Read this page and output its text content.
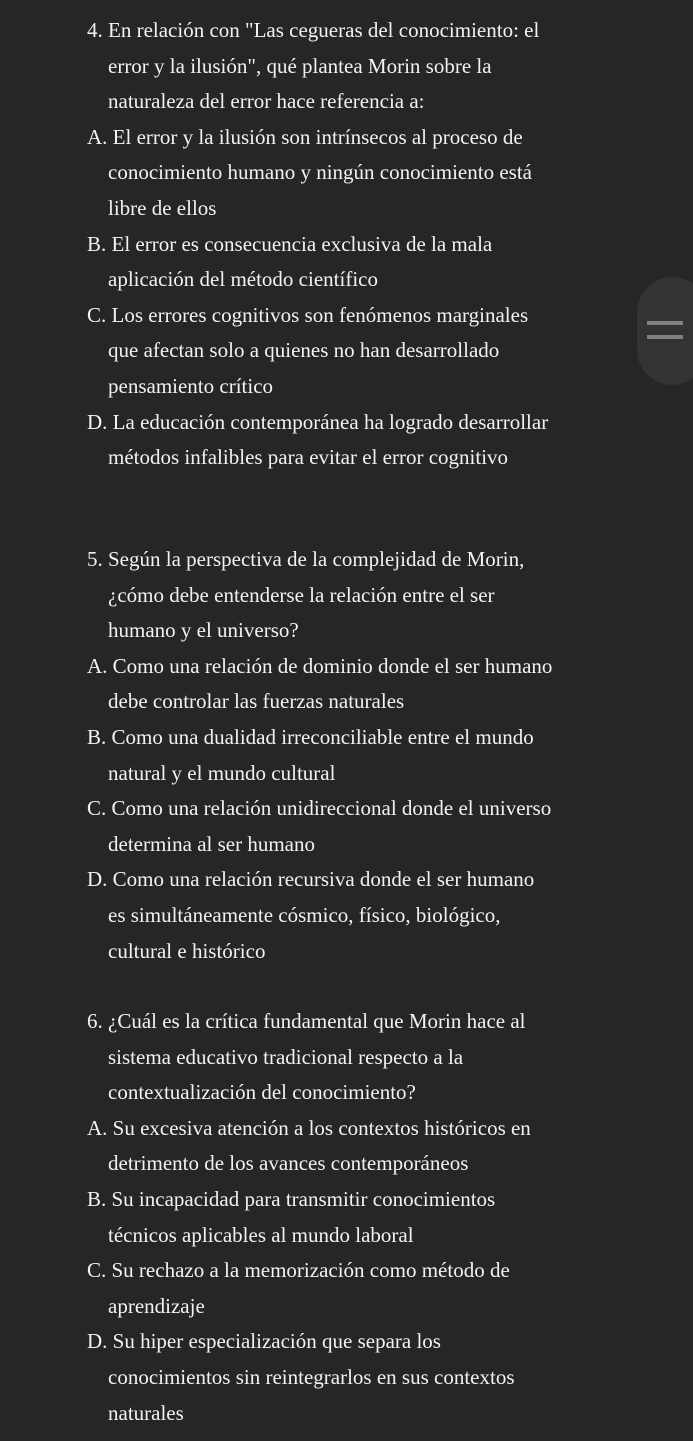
4. En relación con "Las cegueras del conocimiento: el
error y la ilusión", qué plantea Morin sobre la
naturaleza del error hace referencia a:
A. El error y la ilusión son intrínsecos al proceso de
conocimiento humano y ningún conocimiento está
libre de ellos
B. El error es consecuencia exclusiva de la mala
aplicación del método científico
C. Los errores cognitivos son fenómenos marginales
que afectan solo a quienes no han desarrollado
pensamiento crítico
D. La educación contemporánea ha logrado desarrollar
métodos infalibles para evitar el error cognitivo
5. Según la perspectiva de la complejidad de Morin,
¿cómo debe entenderse la relación entre el ser
humano y el universo?
A. Como una relación de dominio donde el ser humano
debe controlar las fuerzas naturales
B. Como una dualidad irreconciliable entre el mundo
natural y el mundo cultural
C. Como una relación unidireccional donde el universo
determina al ser humano
D. Como una relación recursiva donde el ser humano
es simultáneamente cósmico, físico, biológico,
cultural e histórico
6. ¿Cuál es la crítica fundamental que Morin hace al
sistema educativo tradicional respecto a la
contextualización del conocimiento?
A. Su excesiva atención a los contextos históricos en
detrimento de los avances contemporáneos
B. Su incapacidad para transmitir conocimientos
técnicos aplicables al mundo laboral
C. Su rechazo a la memorización como método de
aprendizaje
D. Su hiper especialización que separa los
conocimientos sin reintegrarlos en sus contextos
naturales
